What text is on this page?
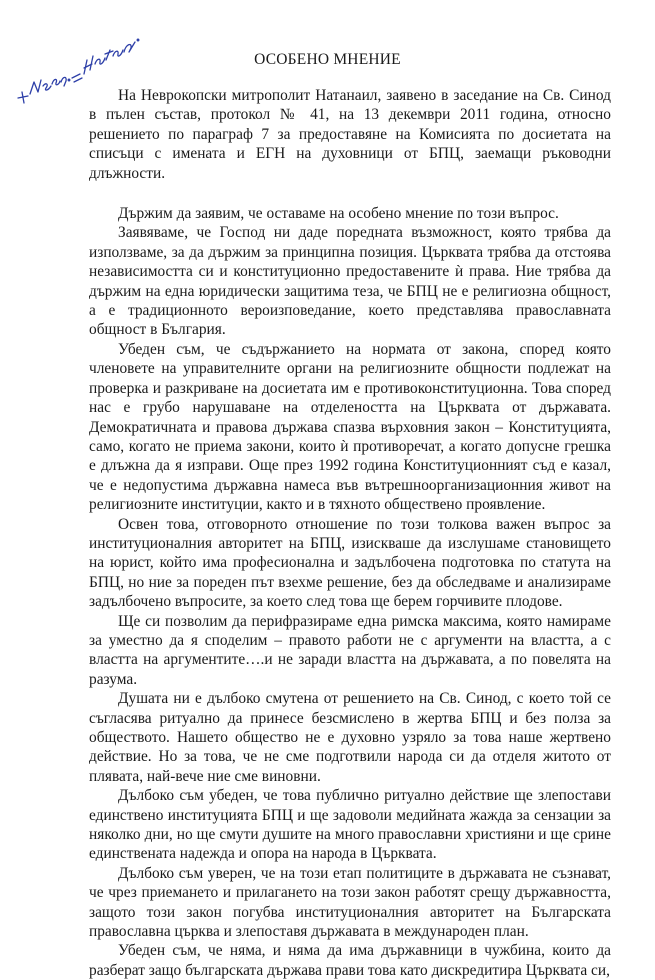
ОСОБЕНО МНЕНИЕ

На Неврокопски митрополит Натанаил, заявено в заседание на Св. Синод в пълен състав, протокол № 41, на 13 декември 2011 година, относно решението по параграф 7 за предоставяне на Комисията по досиетата на списъци с имената и ЕГН на духовници от БПЦ, заемащи ръководни длъжности.

Държим да заявим, че оставаме на особено мнение по този въпрос.

Заявяваме, че Господ ни даде поредната възможност, която трябва да използваме, за да държим за принципна позиция. Църквата трябва да отстоява независимостта си и конституционно предоставените ѝ права. Ние трябва да държим на една юридически защитима теза, че БПЦ не е религиозна общност, а е традиционното вероизповедание, което представлява православната общност в България.

Убеден съм, че съдържанието на нормата от закона, според която членовете на управителните органи на религиозните общности подлежат на проверка и разкриване на досиетата им е противоконституционна. Това според нас е грубо нарушаване на отделеността на Църквата от държавата. Демократичната и правова държава спазва върховния закон – Конституцията, само, когато не приема закони, които ѝ противоречат, а когато допусне грешка е длъжна да я изправи. Още през 1992 година Конституционният съд е казал, че е недопустима държавна намеса във вътрешноорганизационния живот на религиозните институции, както и в тяхното обществено проявление.

Освен това, отговорното отношение по този толкова важен въпрос за институционалния авторитет на БПЦ, изискваше да изслушаме становището на юрист, който има професионална и задълбочена подготовка по статута на БПЦ, но ние за пореден път взехме решение, без да обследваме и анализираме задълбочено въпросите, за което след това ще берем горчивите плодове.

Ще си позволим да перифразираме една римска максима, която намираме за уместно да я споделим – правото работи не с аргументи на властта, а с властта на аргументите….и не заради властта на държавата, а по повелята на разума.

Душата ни е дълбоко смутена от решението на Св. Синод, с което той се съгласява ритуално да принесе безсмислено в жертва БПЦ и без полза за обществото. Нашето общество не е духовно узряло за това наше жертвено действие. Но за това, че не сме подготвили народа си да отделя житото от плявата, най-вече ние сме виновни.

Дълбоко съм убеден, че това публично ритуално действие ще злепостави единствено институцията БПЦ и ще задоволи медийната жажда за сензации за няколко дни, но ще смути душите на много православни християни и ще срине единствената надежда и опора на народа в Църквата.

Дълбоко съм уверен, че на този етап политиците в държавата не съзнават, че чрез приемането и прилагането на този закон работят срещу държавността, защото този закон погубва институционалния авторитет на Българската православна църква и злепоставя държавата в международен план.

Убеден съм, че няма, и няма да има държавници в чужбина, които да разберат защо българската държава прави това като дискредитира Църквата си,
